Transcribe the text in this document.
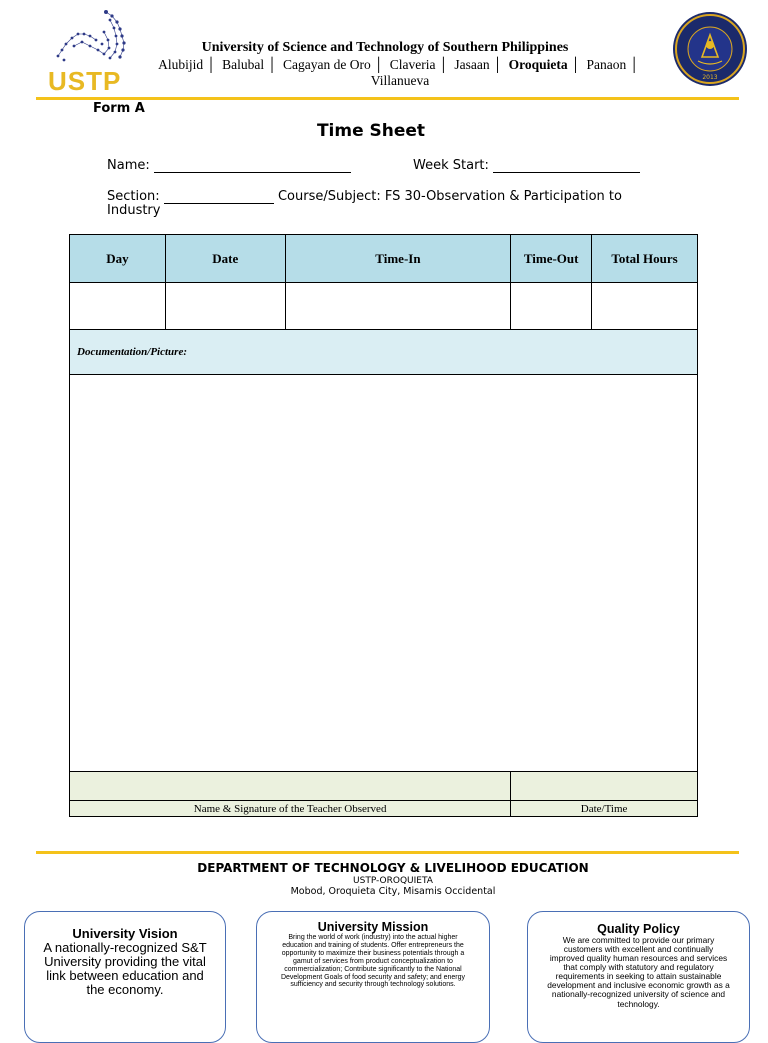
USTP
University of Science and Technology of Southern Philippines
Alubijid │ Balubal │ Cagayan de Oro │ Claveria │ Jasaan │ Oroquieta │ Panaon │ Villanueva	2013
Form A
Time Sheet
Name:	Week Start:
Section:	Course/Subject: FS 30-Observation & Participation to
Industry
Day	Date	Time-In	Time-Out	Total Hours

Documentation/Picture:				

Name & Signature of the Teacher Observed			Date/Time	
DEPARTMENT OF TECHNOLOGY & LIVELIHOOD EDUCATION
USTP-OROQUIETA
Mobod, Oroquieta City, Misamis Occidental
University Vision
A nationally-recognized S&T University providing the vital link between education and the economy.
University Mission
Bring the world of work (industry) into the actual higher education and training of students. Offer entrepreneurs the opportunity to maximize their business potentials through a gamut of services from product conceptualization to commercialization; Contribute significantly to the National Development Goals of food security and safety; and energy sufficiency and security through technology solutions.
Quality Policy
We are committed to provide our primary customers with excellent and continually improved quality human resources and services that comply with statutory and regulatory requirements in seeking to attain sustainable development and inclusive economic growth as a nationally-recognized university of science and technology.
